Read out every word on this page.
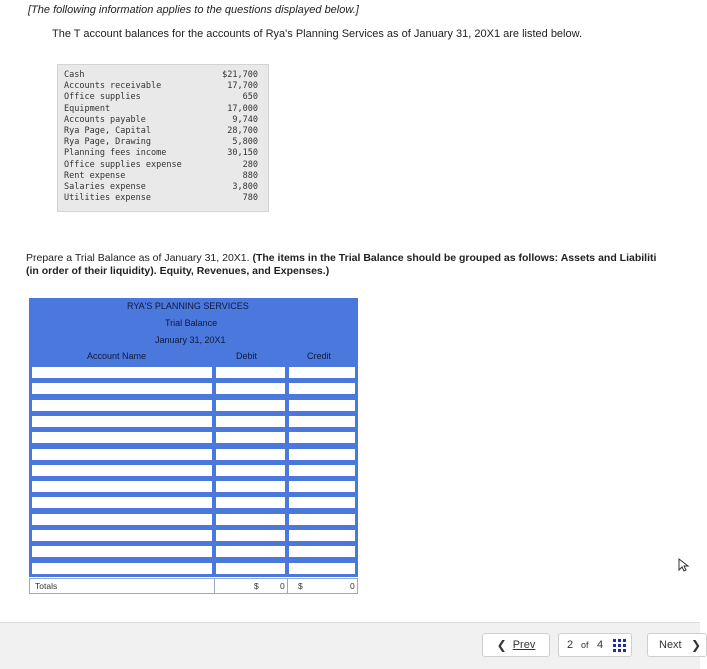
[The following information applies to the questions displayed below.]
The T account balances for the accounts of Rya's Planning Services as of January 31, 20X1 are listed below.
Cash	$21,700
Accounts receivable	17,700
Office supplies	650
Equipment	17,000
Accounts payable	9,740
Rya Page, Capital	28,700
Rya Page, Drawing	5,800
Planning fees income	30,150
Office supplies expense	280
Rent expense	880
Salaries expense	3,800
Utilities expense	780
Prepare a Trial Balance as of January 31, 20X1. (The items in the Trial Balance should be grouped as follows: Assets and Liabiliti
(in order of their liquidity). Equity, Revenues, and Expenses.)
RYA'S PLANNING SERVICES
Trial Balance
January 31, 20X1
Account Name	Debit	Credit
Totals	$	0 $	0
❮ Prev	2 of 4	Next ❯
